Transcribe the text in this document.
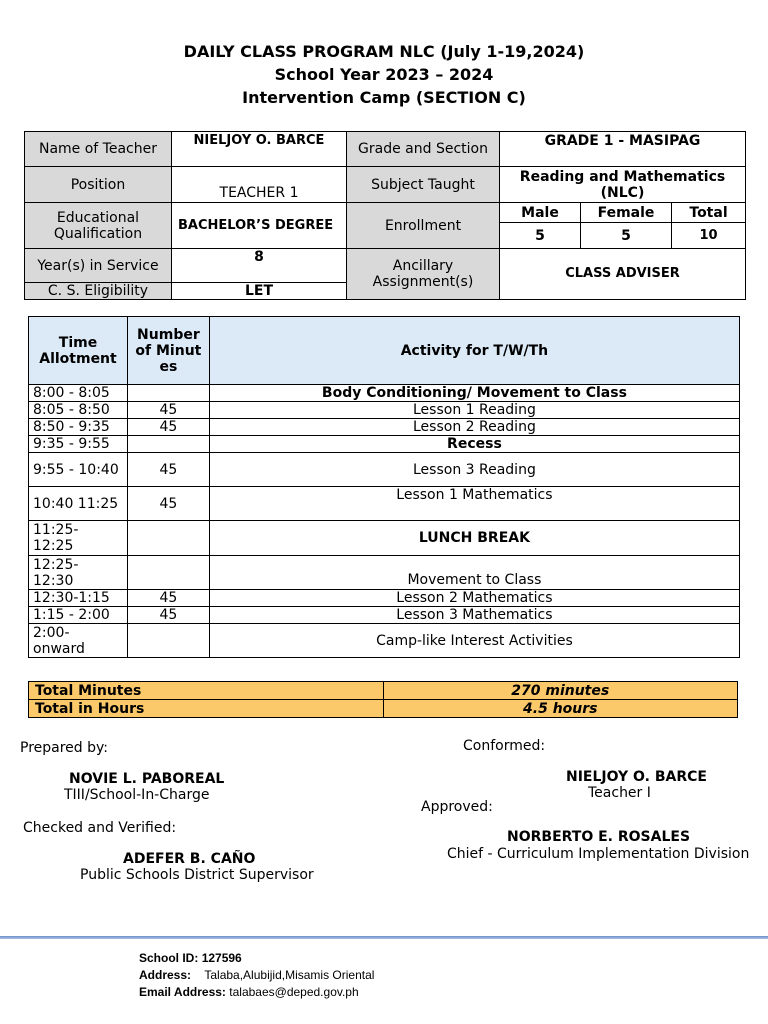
DAILY CLASS PROGRAM NLC (July 1-19,2024)
School Year 2023 – 2024
Intervention Camp (SECTION C)
Name of Teacher	NIELJOY O. BARCE	Grade and Section	GRADE 1 - MASIPAG		
Position	TEACHER 1	Subject Taught	Reading and Mathematics (NLC)		
Educational Qualification	BACHELOR’S DEGREE	Enrollment	Male	Female	Total
			5	5	10
Year(s) in Service	8	Ancillary Assignment(s)	CLASS ADVISER		
C. S. Eligibility	LET				
Time Allotment	Number of Minutes	Activity for T/W/Th
8:00 - 8:05		Body Conditioning/ Movement to Class
8:05 - 8:50	45	Lesson 1 Reading
8:50 - 9:35	45	Lesson 2 Reading
9:35 - 9:55		Recess
9:55 - 10:40	45	Lesson 3 Reading
10:40 11:25	45	Lesson 1 Mathematics
11:25- 12:25		LUNCH BREAK
12:25- 12:30		Movement to Class
12:30-1:15	45	Lesson 2 Mathematics
1:15 - 2:00	45	Lesson 3 Mathematics
2:00- onward		Camp-like Interest Activities
Total Minutes	270 minutes
Total in Hours	4.5 hours
Prepared by:
NOVIE L. PABOREAL
TIII/School-In-Charge
Checked and Verified:
ADEFER B. CAÑO
Public Schools District Supervisor
Conformed:
NIELJOY O. BARCE
Teacher I
Approved:
NORBERTO E. ROSALES
Chief - Curriculum Implementation Division
School ID: 127596
Address: Talaba,Alubijid,Misamis Oriental
Email Address: talabaes@deped.gov.ph
